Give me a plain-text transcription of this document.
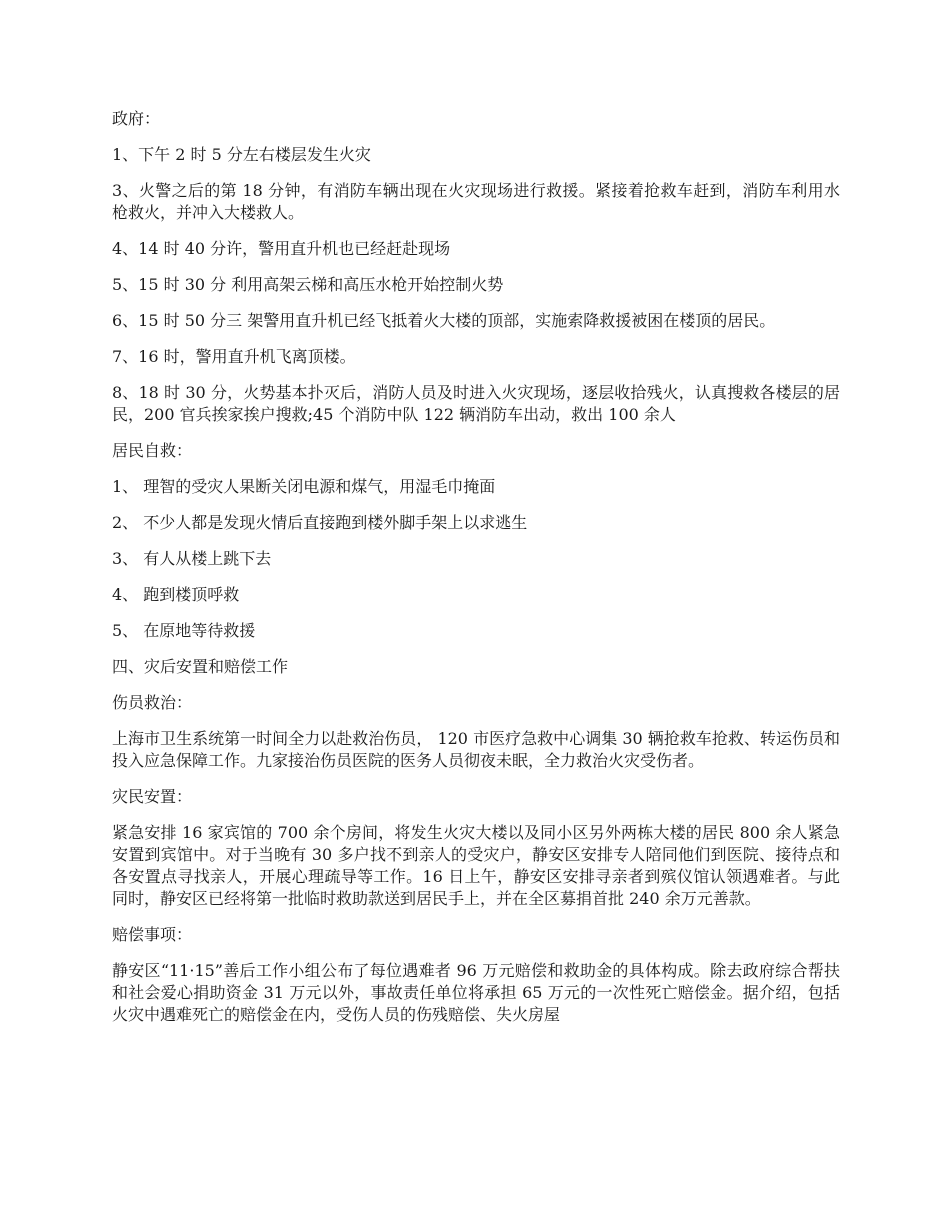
政府：

1、下午 2 时 5 分左右楼层发生火灾

3、火警之后的第 18 分钟，有消防车辆出现在火灾现场进行救援。紧接着抢救车赶到，消防车利用水枪救火，并冲入大楼救人。

4、14 时 40 分许，警用直升机也已经赶赴现场

5、15 时 30 分 利用高架云梯和高压水枪开始控制火势

6、15 时 50 分三 架警用直升机已经飞抵着火大楼的顶部，实施索降救援被困在楼顶的居民。

7、16 时，警用直升机飞离顶楼。

8、18 时 30 分，火势基本扑灭后，消防人员及时进入火灾现场，逐层收拾残火，认真搜救各楼层的居民，200 官兵挨家挨户搜救;45 个消防中队 122 辆消防车出动，救出 100 余人

居民自救：

1、 理智的受灾人果断关闭电源和煤气，用湿毛巾掩面

2、 不少人都是发现火情后直接跑到楼外脚手架上以求逃生

3、 有人从楼上跳下去

4、 跑到楼顶呼救

5、 在原地等待救援

四、灾后安置和赔偿工作

伤员救治：

上海市卫生系统第一时间全力以赴救治伤员， 120 市医疗急救中心调集 30 辆抢救车抢救、转运伤员和投入应急保障工作。九家接治伤员医院的医务人员彻夜未眠，全力救治火灾受伤者。

灾民安置：

紧急安排 16 家宾馆的 700 余个房间，将发生火灾大楼以及同小区另外两栋大楼的居民 800 余人紧急安置到宾馆中。对于当晚有 30 多户找不到亲人的受灾户，静安区安排专人陪同他们到医院、接待点和各安置点寻找亲人，开展心理疏导等工作。16 日上午，静安区安排寻亲者到殡仪馆认领遇难者。与此同时，静安区已经将第一批临时救助款送到居民手上，并在全区募捐首批 240 余万元善款。

赔偿事项：

静安区“11·15”善后工作小组公布了每位遇难者 96 万元赔偿和救助金的具体构成。除去政府综合帮扶和社会爱心捐助资金 31 万元以外，事故责任单位将承担 65 万元的一次性死亡赔偿金。据介绍，包括火灾中遇难死亡的赔偿金在内，受伤人员的伤残赔偿、失火房屋
